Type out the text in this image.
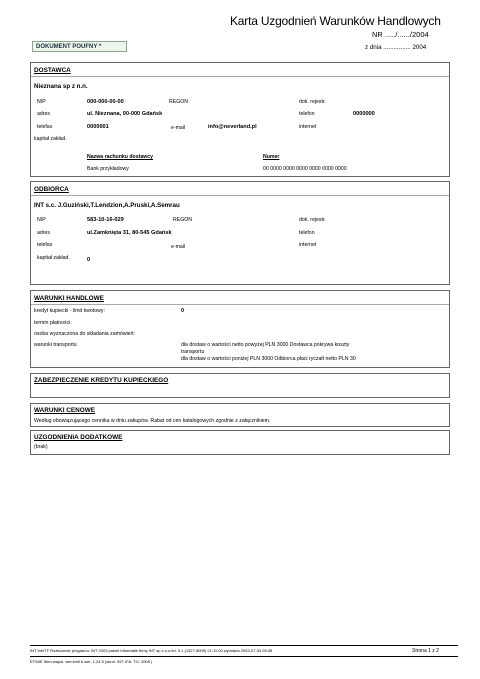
Karta Uzgodnień Warunków Handlowych
NR ...../....../2004
DOKUMENT POUFNY *	z dnia ................ 2004
DOSTAWCA
Nieznana sp z n.n.
NIP	000-000-00-00	REGON	dok. rejestr.
adres	ul. Nieznana, 00-000 Gdańsk	telefon	0000000
telefax	0000001	e-mail	info@neverland.pl	internet
kapitał zakład.
Nazwa rachunku dostawcy	Numer
Bank przykładowy	00 0000 0000 0000 0000 0000 0000
ODBIORCA
INT s.c. J.Guziński,T.Lendzion,A.Pruski,A.Semrau
NIP	583-10-16-029	REGON	dok. rejestr.
adres	ul.Zamknięta 31, 80-545 Gdańsk	telefon
telefax	e-mail	internet
kapitał zakład.	0
WARUNKI HANDLOWE
kredyt kupiecki - limit kwotowy:	0
termin płatności:
osoba wyznaczona do składania zamówień:
warunki transportu	dla dostaw o wartości netto powyżej PLN 3000 Dostawca pokrywa koszty
transportu
dla dostaw o wartości poniżej PLN 3000 Odbiorca płaci ryczałt netto PLN 30
ZABEZPIECZENIE KREDYTU KUPIECKIEGO
WARUNKI CENOWE
Według obowiązującego cennika w dniu zakupów. Rabat od cen katalogowych zgodnie z załącznikiem.
UZGODNIENIA DODATKOWE
(brak)
INT InfoTF Rozliczenie programu: INT 2003 pakiet Informatik firmy INT sp z.o.o.ltd. 3.1 (1327-8009) 21:11:00 wymiana 2003-07-03 09:45	Strona 1 z 2
ETWIE Ifirm-wapsl. wer.kmll.6 wer. 1.24.5 (skrol. INT. IFA. TO. 2008 )
